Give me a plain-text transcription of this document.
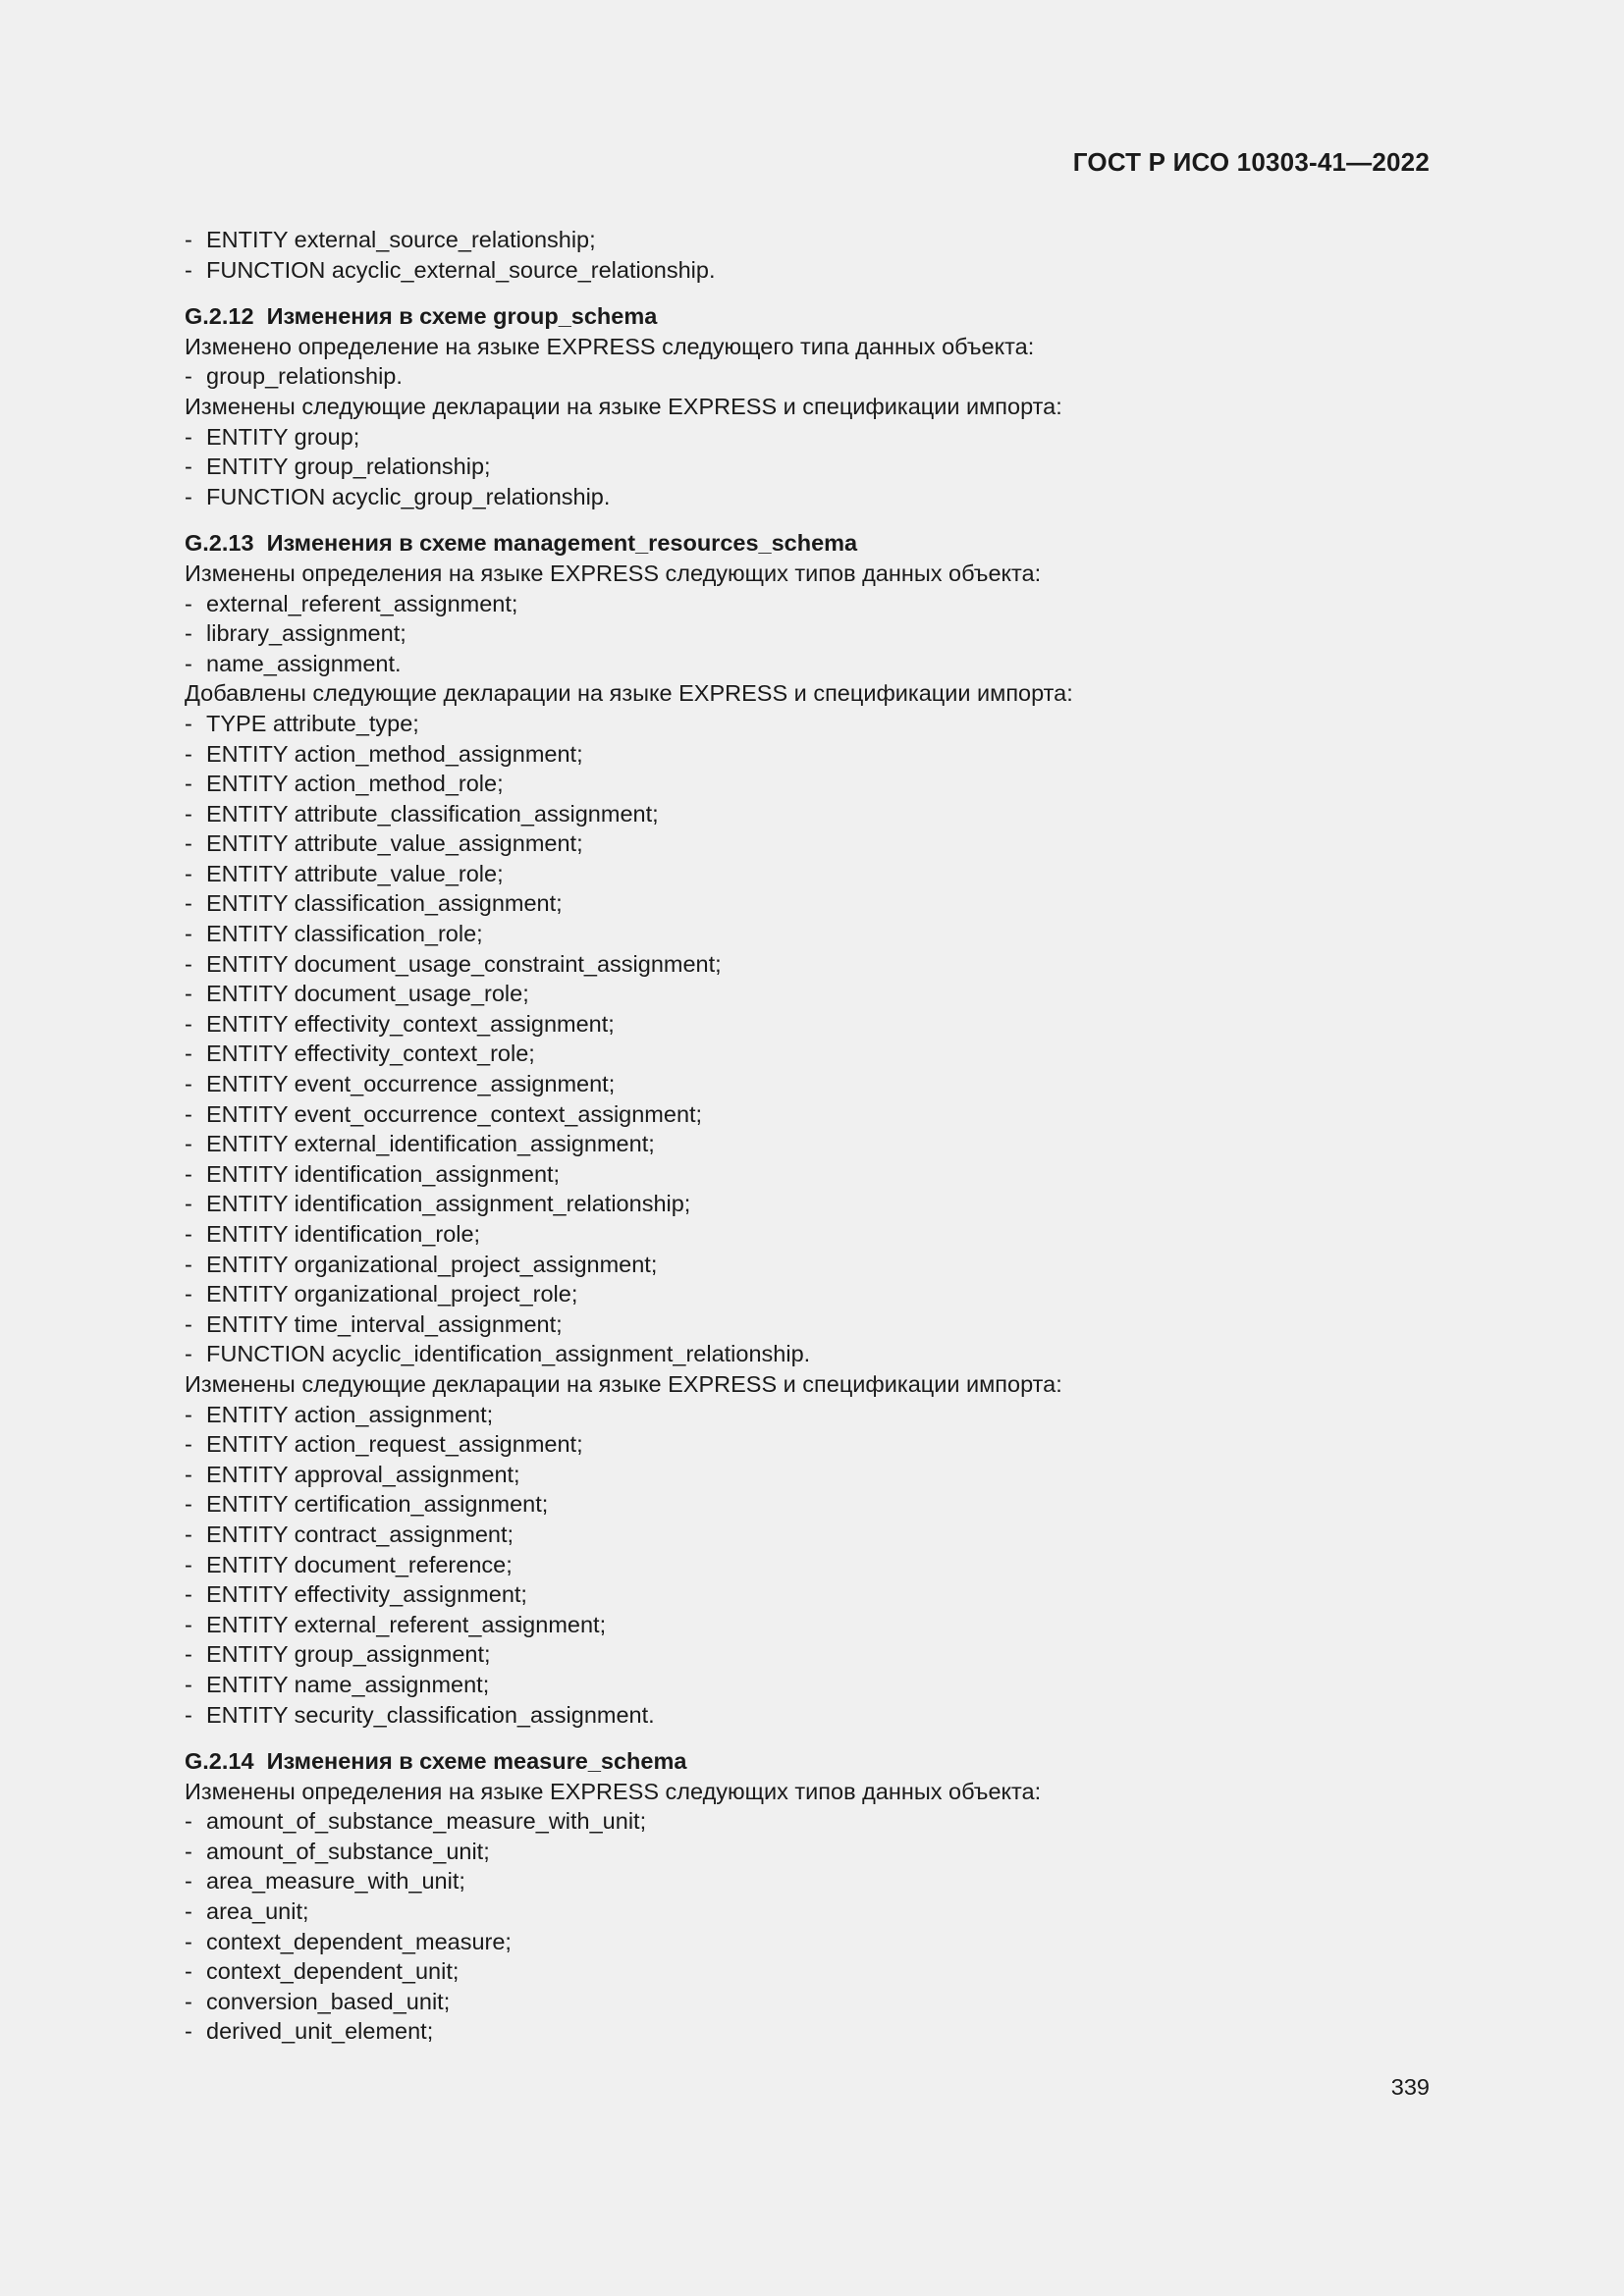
ГОСТ Р ИСО 10303-41—2022
- ENTITY external_source_relationship;
- FUNCTION acyclic_external_source_relationship.
G.2.12  Изменения в схеме group_schema
Изменено определение на языке EXPRESS следующего типа данных объекта:
- group_relationship.
Изменены следующие декларации на языке EXPRESS и спецификации импорта:
- ENTITY group;
- ENTITY group_relationship;
- FUNCTION acyclic_group_relationship.
G.2.13  Изменения в схеме management_resources_schema
Изменены определения на языке EXPRESS следующих типов данных объекта:
- external_referent_assignment;
- library_assignment;
- name_assignment.
Добавлены следующие декларации на языке EXPRESS и спецификации импорта:
- TYPE attribute_type;
- ENTITY action_method_assignment;
- ENTITY action_method_role;
- ENTITY attribute_classification_assignment;
- ENTITY attribute_value_assignment;
- ENTITY attribute_value_role;
- ENTITY classification_assignment;
- ENTITY classification_role;
- ENTITY document_usage_constraint_assignment;
- ENTITY document_usage_role;
- ENTITY effectivity_context_assignment;
- ENTITY effectivity_context_role;
- ENTITY event_occurrence_assignment;
- ENTITY event_occurrence_context_assignment;
- ENTITY external_identification_assignment;
- ENTITY identification_assignment;
- ENTITY identification_assignment_relationship;
- ENTITY identification_role;
- ENTITY organizational_project_assignment;
- ENTITY organizational_project_role;
- ENTITY time_interval_assignment;
- FUNCTION acyclic_identification_assignment_relationship.
Изменены следующие декларации на языке EXPRESS и спецификации импорта:
- ENTITY action_assignment;
- ENTITY action_request_assignment;
- ENTITY approval_assignment;
- ENTITY certification_assignment;
- ENTITY contract_assignment;
- ENTITY document_reference;
- ENTITY effectivity_assignment;
- ENTITY external_referent_assignment;
- ENTITY group_assignment;
- ENTITY name_assignment;
- ENTITY security_classification_assignment.
G.2.14  Изменения в схеме measure_schema
Изменены определения на языке EXPRESS следующих типов данных объекта:
- amount_of_substance_measure_with_unit;
- amount_of_substance_unit;
- area_measure_with_unit;
- area_unit;
- context_dependent_measure;
- context_dependent_unit;
- conversion_based_unit;
- derived_unit_element;
339
